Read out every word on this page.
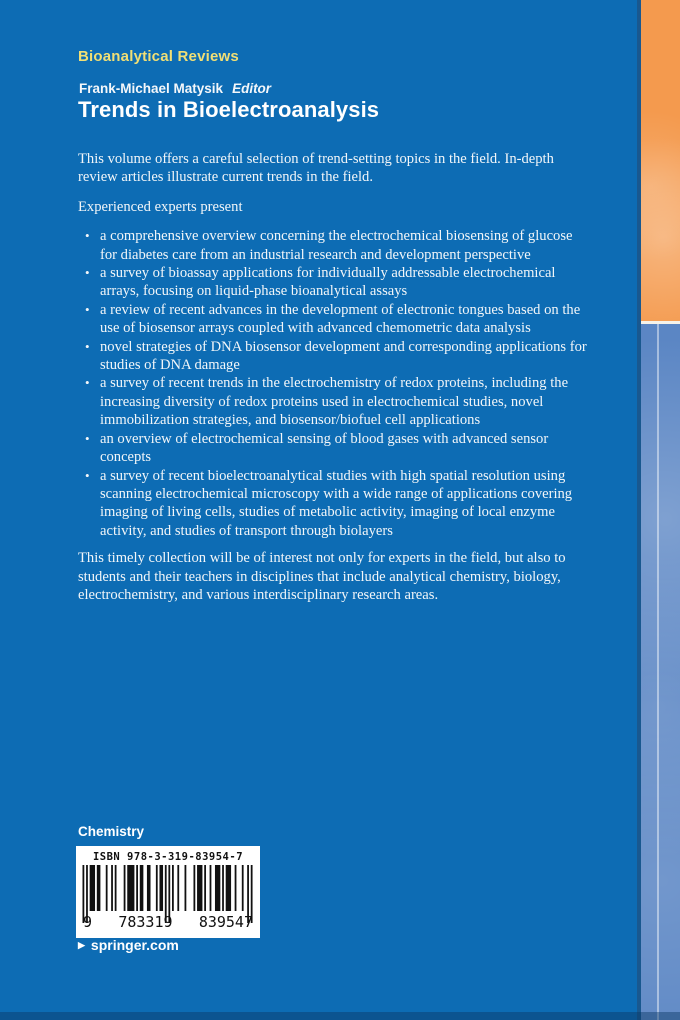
Bioanalytical Reviews
Frank-Michael Matysik Editor
Trends in Bioelectroanalysis

This volume offers a careful selection of trend-setting topics in the field. In-depth review articles illustrate current trends in the field.

Experienced experts present

• a comprehensive overview concerning the electrochemical biosensing of glucose for diabetes care from an industrial research and development perspective
• a survey of bioassay applications for individually addressable electrochemical arrays, focusing on liquid-phase bioanalytical assays
• a review of recent advances in the development of electronic tongues based on the use of biosensor arrays coupled with advanced chemometric data analysis
• novel strategies of DNA biosensor development and corresponding applications for studies of DNA damage
• a survey of recent trends in the electrochemistry of redox proteins, including the increasing diversity of redox proteins used in electrochemical studies, novel immobilization strategies, and biosensor/biofuel cell applications
• an overview of electrochemical sensing of blood gases with advanced sensor concepts
• a survey of recent bioelectroanalytical studies with high spatial resolution using scanning electrochemical microscopy with a wide range of applications covering imaging of living cells, studies of metabolic activity, imaging of local enzyme activity, and studies of transport through biolayers

This timely collection will be of interest not only for experts in the field, but also to students and their teachers in disciplines that include analytical chemistry, biology, electrochemistry, and various interdisciplinary research areas.

Chemistry
ISBN 978-3-319-83954-7
9 783319 839547
▶ springer.com
